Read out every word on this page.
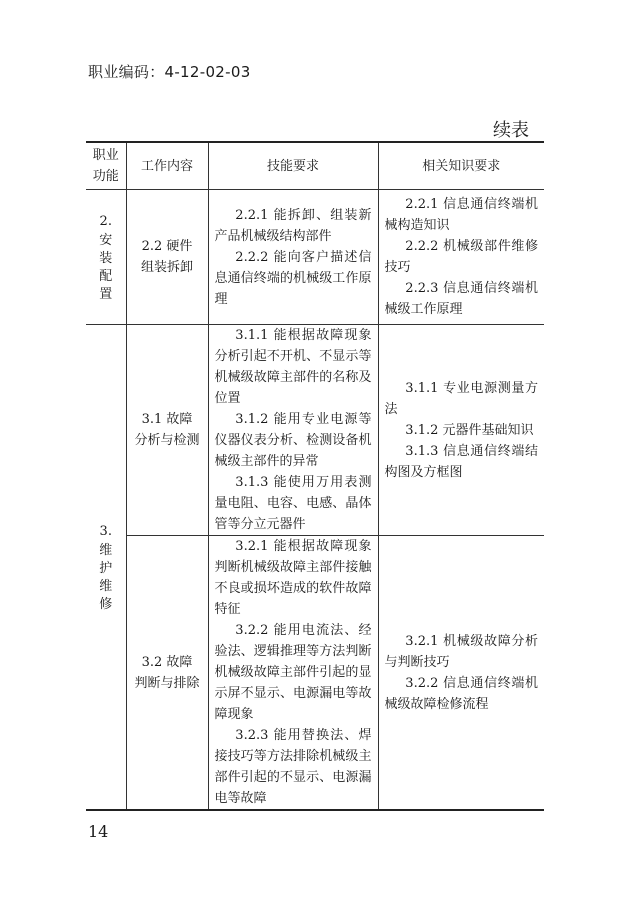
职业编码：4-12-02-03
续表
职业
功能	工作内容	技能要求	相关知识要求

2.
安
装
配
置	2.2 硬件
组装拆卸	2.2.1 能拆卸、组装新产品机械级结构部件
2.2.2 能向客户描述信息通信终端的机械级工作原理	2.2.1 信息通信终端机械构造知识
2.2.2 机械级部件维修技巧
2.2.3 信息通信终端机械级工作原理

3.
维
护
维
修	3.1 故障
分析与检测	3.1.1 能根据故障现象分析引起不开机、不显示等机械级故障主部件的名称及位置
3.1.2 能用专业电源等仪器仪表分析、检测设备机械级主部件的异常
3.1.3 能使用万用表测量电阻、电容、电感、晶体管等分立元器件	3.1.1 专业电源测量方法
3.1.2 元器件基础知识
3.1.3 信息通信终端结构图及方框图

	3.2 故障
判断与排除	3.2.1 能根据故障现象判断机械级故障主部件接触不良或损坏造成的软件故障特征
3.2.2 能用电流法、经验法、逻辑推理等方法判断机械级故障主部件引起的显示屏不显示、电源漏电等故障现象
3.2.3 能用替换法、焊接技巧等方法排除机械级主部件引起的不显示、电源漏电等故障	3.2.1 机械级故障分析与判断技巧
3.2.2 信息通信终端机械级故障检修流程
14
